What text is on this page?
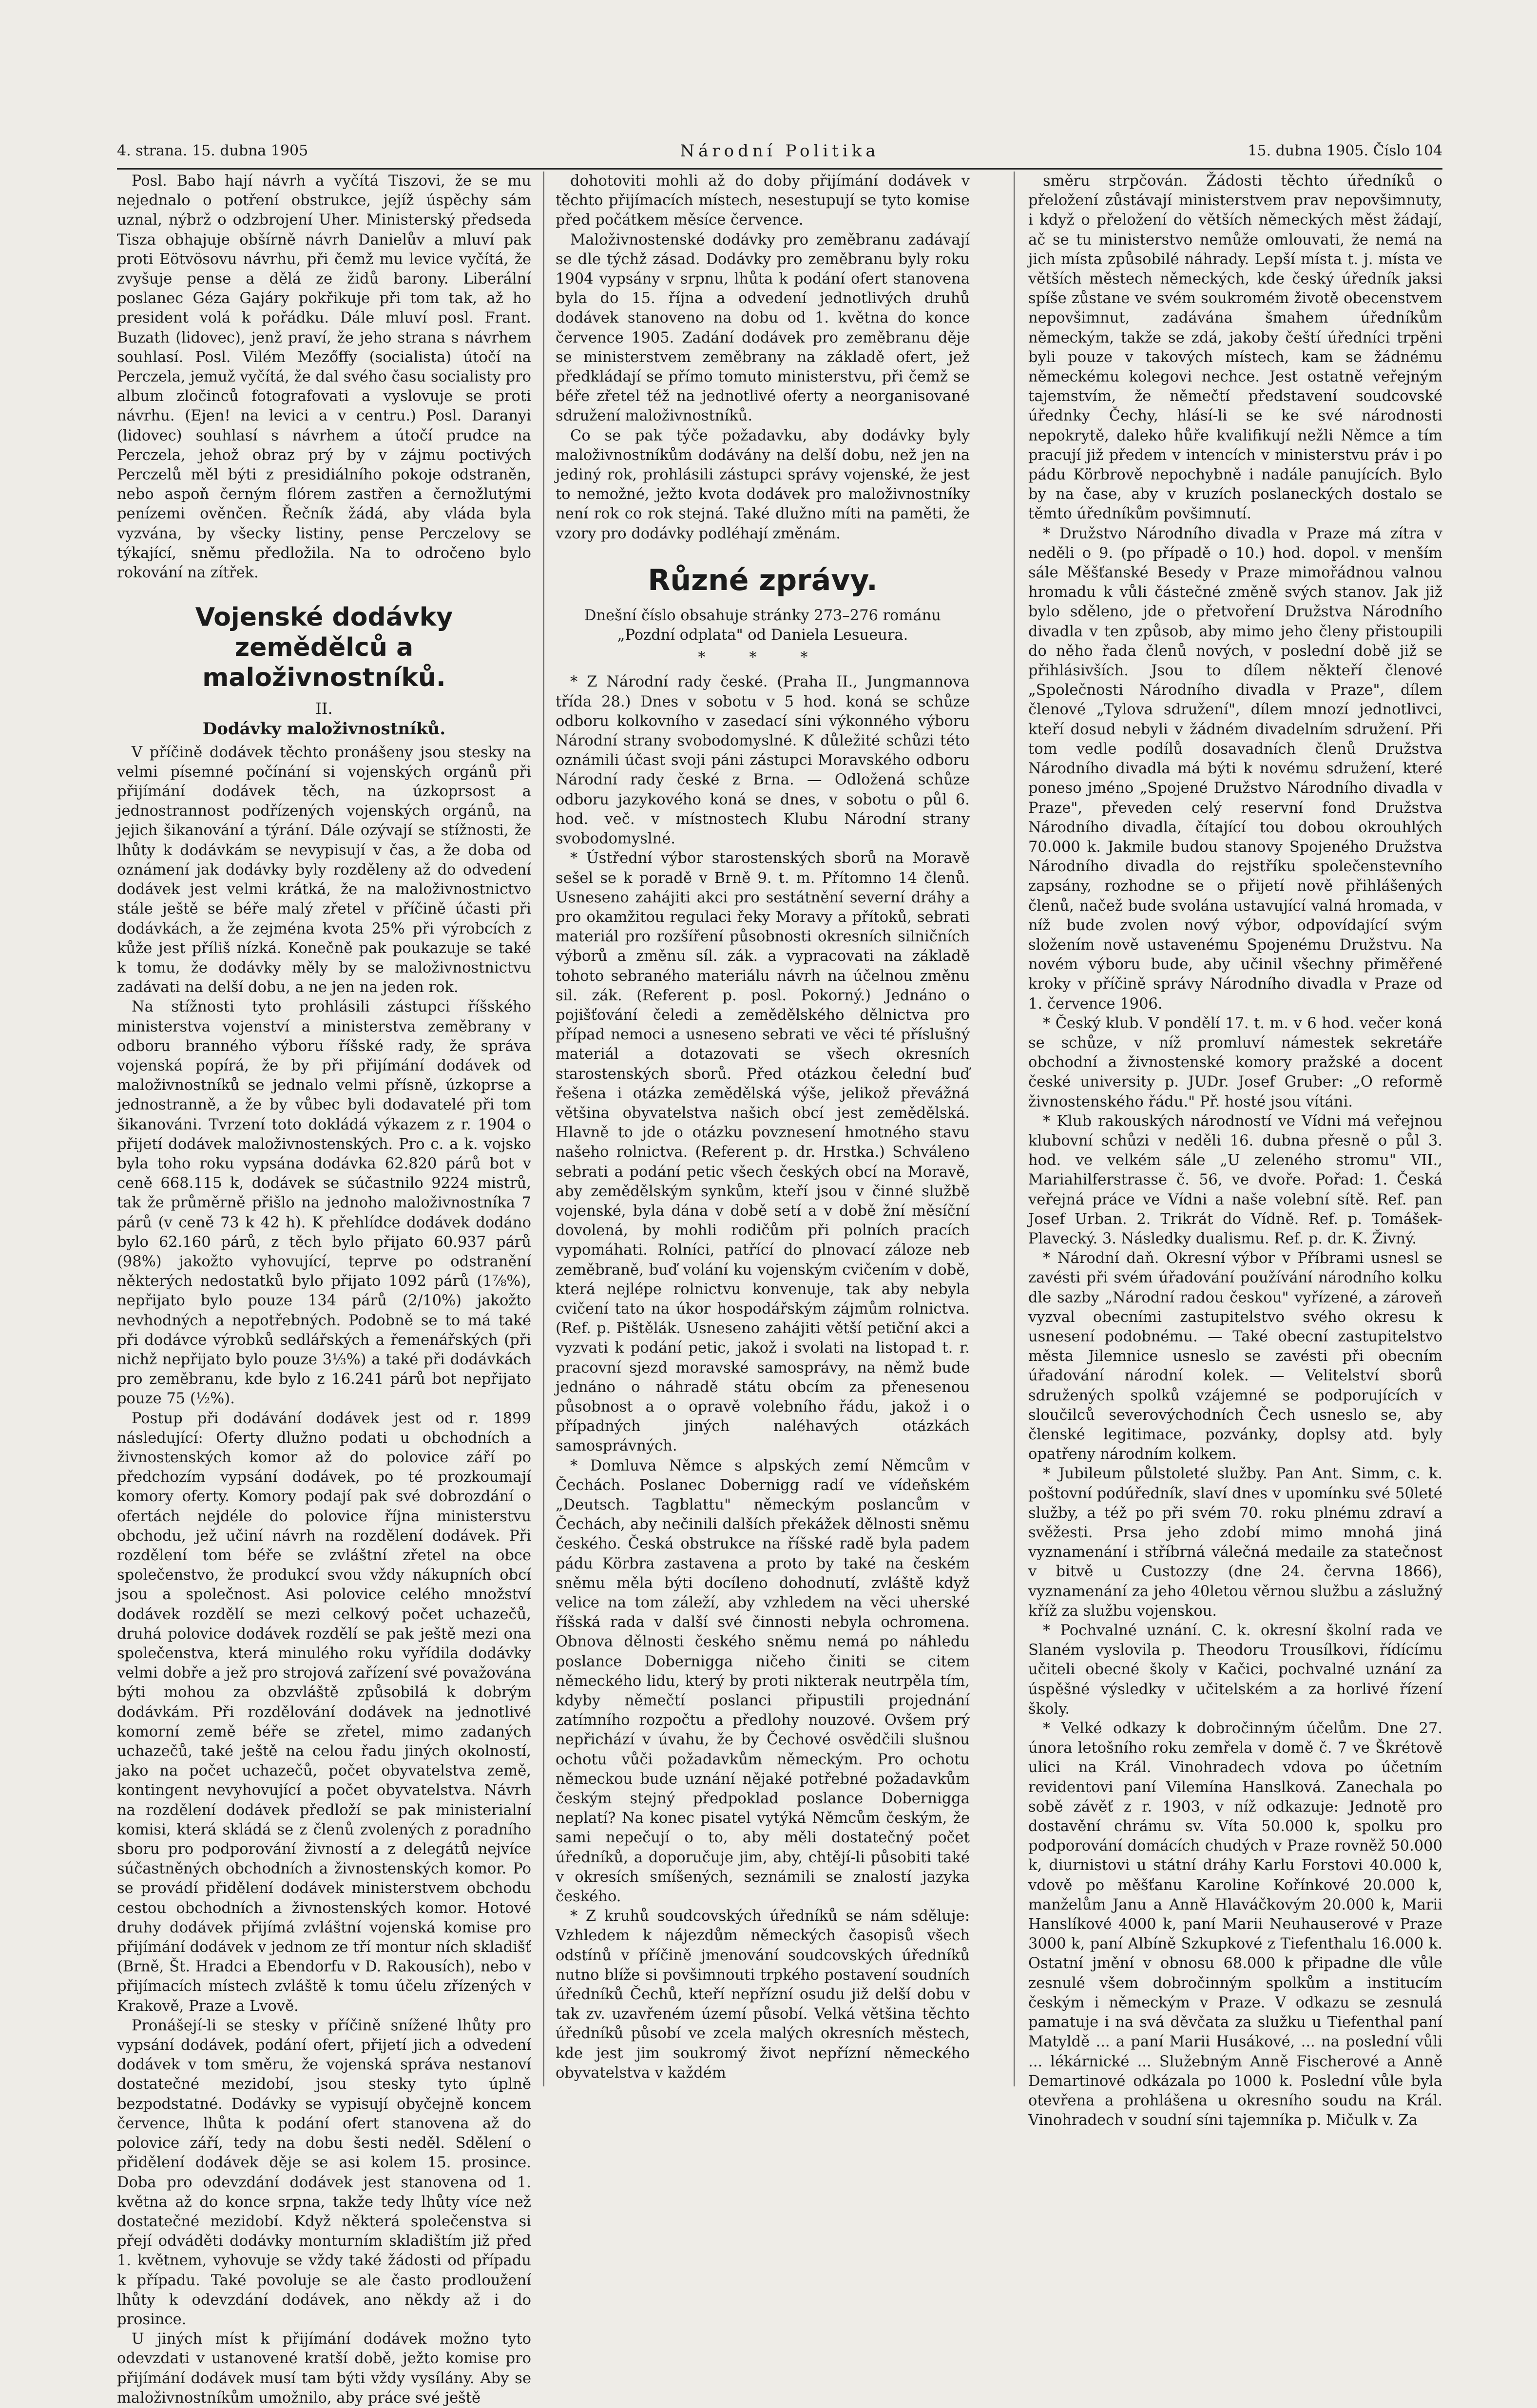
4. strana. 15. dubna 1905	Národní Politika	15. dubna 1905. Číslo 104

Posl. Babo hají návrh a vyčítá Tiszovi, že se mu nejednalo o potření obstrukce, jejíž úspěchy sám uznal, nýbrž o odzbrojení Uher. Ministerský předseda Tisza obhajuje obšírně návrh Danielův a mluví pak proti Eötvösovu návrhu, při čemž mu levice vyčítá, že zvyšuje pense a dělá ze židů barony. Liberální poslanec Géza Gajáry pokřikuje při tom tak, až ho president volá k pořádku. Dále mluví posl. Frant. Buzath (lidovec), jenž praví, že jeho strana s návrhem souhlasí. Posl. Vilém Mezőffy (socialista) útočí na Perczela, jemuž vyčítá, že dal svého času socialisty pro album zločinců fotografovati a vyslovuje se proti návrhu. (Ejen! na levici a v centru.) Posl. Daranyi (lidovec) souhlasí s návrhem a útočí prudce na Perczela, jehož obraz prý by v zájmu poctivých Perczelů měl býti z presidiálního pokoje odstraněn, nebo aspoň černým flórem zastřen a černožlutými penízemi ověnčen. Řečník žádá, aby vláda byla vyzvána, by všecky listiny, pense Perczelovy se týkající, sněmu předložila. Na to odročeno bylo rokování na zítřek.

Vojenské dodávky zemědělců a maloživnostníků.
II.
Dodávky maloživnostníků.

V příčině dodávek těchto pronášeny jsou stesky na velmi písemné počínání si vojenských orgánů při přijímání dodávek těch, na úzkoprsost a jednostrannost podřízených vojenských orgánů, na jejich šikanování a týrání. Dále ozývají se stížnosti, že lhůty k dodávkám se nevypisují v čas, a že doba od oznámení jak dodávky byly rozděleny až do odvedení dodávek jest velmi krátká, že na maloživnostnictvo stále ještě se béře malý zřetel v příčině účasti při dodávkách, a že zejména kvota 25% při výrobcích z kůže jest příliš nízká. Konečně pak poukazuje se také k tomu, že dodávky měly by se maloživnostnictvu zadávati na delší dobu, a ne jen na jeden rok.

Na stížnosti tyto prohlásili zástupci říšského ministerstva vojenství a ministerstva zeměbrany v odboru branného výboru říšské rady, že správa vojenská popírá, že by při přijímání dodávek od maloživnostníků se jednalo velmi přísně, úzkoprse a jednostranně, a že by vůbec byli dodavatelé při tom šikanováni. Tvrzení toto dokládá výkazem z r. 1904 o přijetí dodávek maloživnostenských. Pro c. a k. vojsko byla toho roku vypsána dodávka 62.820 párů bot v ceně 668.115 k, dodávek se súčastnilo 9224 mistrů, tak že průměrně přišlo na jednoho maloživnostníka 7 párů (v ceně 73 k 42 h). K přehlídce dodávek dodáno bylo 62.160 párů, z těch bylo přijato 60.937 párů (98%) jakožto vyhovující, teprve po odstranění některých nedostatků bylo přijato 1092 párů (1⅞%), nepřijato bylo pouze 134 párů (2/10%) jakožto nevhodných a nepotřebných. Podobně se to má také při dodávce výrobků sedlářských a řemenářských (při nichž nepřijato bylo pouze 3⅓%) a také při dodávkách pro zeměbranu, kde bylo z 16.241 párů bot nepřijato pouze 75 (½%).

Postup při dodávání dodávek jest od r. 1899 následující: Oferty dlužno podati u obchodních a živnostenských komor až do polovice září po předchozím vypsání dodávek, po té prozkoumají komory oferty. Komory podají pak své dobrozdání o ofertách nejdéle do polovice října ministerstvu obchodu, jež učiní návrh na rozdělení dodávek. Při rozdělení tom béře se zvláštní zřetel na obce společenstvo, že produkcí svou vždy nákupních obcí jsou a společnost. Asi polovice celého množství dodávek rozdělí se mezi celkový počet uchazečů, druhá polovice dodávek rozdělí se pak ještě mezi ona společenstva, která minulého roku vyřídila dodávky velmi dobře a jež pro strojová zařízení své považována býti mohou za obzvláště způsobilá k dobrým dodávkám. Při rozdělování dodávek na jednotlivé komorní země béře se zřetel, mimo zadaných uchazečů, také ještě na celou řadu jiných okolností, jako na počet uchazečů, počet obyvatelstva země, kontingent nevyhovující a počet obyvatelstva. Návrh na rozdělení dodávek předloží se pak ministerialní komisi, která skládá se z členů zvolených z poradního sboru pro podporování živností a z delegátů nejvíce súčastněných obchodních a živnostenských komor. Po se provádí přidělení dodávek ministerstvem obchodu cestou obchodních a živnostenských komor. Hotové druhy dodávek přijímá zvláštní vojenská komise pro přijímání dodávek v jednom ze tří montur ních skladišť (Brně, Št. Hradci a Ebendorfu v D. Rakousích), nebo v přijímacích místech zvláště k tomu účelu zřízených v Krakově, Praze a Lvově.

Pronášejí-li se stesky v příčině snížené lhůty pro vypsání dodávek, podání ofert, přijetí jich a odvedení dodávek v tom směru, že vojenská správa nestanoví dostatečné mezidobí, jsou stesky tyto úplně bezpodstatné. Dodávky se vypisují obyčejně koncem července, lhůta k podání ofert stanovena až do polovice září, tedy na dobu šesti neděl. Sdělení o přidělení dodávek děje se asi kolem 15. prosince. Doba pro odevzdání dodávek jest stanovena od 1. května až do konce srpna, takže tedy lhůty více než dostatečné mezidobí. Když některá společenstva si přejí odváděti dodávky monturním skladištím již před 1. květnem, vyhovuje se vždy také žádosti od případu k případu. Také povoluje se ale často prodloužení lhůty k odevzdání dodávek, ano někdy až i do prosince.

U jiných míst k přijímání dodávek možno tyto odevzdati v ustanovené kratší době, ježto komise pro přijímání dodávek musí tam býti vždy vysílány. Aby se maloživnostníkům umožnilo, aby práce své ještě

dohotoviti mohli až do doby přijímání dodávek v těchto přijímacích místech, nesestupují se tyto komise před počátkem měsíce července.

Maloživnostenské dodávky pro zeměbranu zadávají se dle týchž zásad. Dodávky pro zeměbranu byly roku 1904 vypsány v srpnu, lhůta k podání ofert stanovena byla do 15. října a odvedení jednotlivých druhů dodávek stanoveno na dobu od 1. května do konce července 1905. Zadání dodávek pro zeměbranu děje se ministerstvem zeměbrany na základě ofert, jež předkládají se přímo tomuto ministerstvu, při čemž se béře zřetel též na jednotlivé oferty a neorganisované sdružení maloživnostníků.

Co se pak týče požadavku, aby dodávky byly maloživnostníkům dodávány na delší dobu, než jen na jediný rok, prohlásili zástupci správy vojenské, že jest to nemožné, ježto kvota dodávek pro maloživnostníky není rok co rok stejná. Také dlužno míti na paměti, že vzory pro dodávky podléhají změnám.

Různé zprávy.
Dnešní číslo obsahuje stránky 273–276 románu „Pozdní odplata" od Daniela Lesueura.
* * *

* Z Národní rady české. (Praha II., Jungmannova třída 28.) Dnes v sobotu v 5 hod. koná se schůze odboru kolkovního v zasedací síni výkonného výboru Národní strany svobodomyslné. K důležité schůzi této oznámili účast svoji páni zástupci Moravského odboru Národní rady české z Brna. — Odložená schůze odboru jazykového koná se dnes, v sobotu o půl 6. hod. več. v místnostech Klubu Národní strany svobodomyslné.

* Ústřední výbor starostenských sborů na Moravě sešel se k poradě v Brně 9. t. m. Přítomno 14 členů. Usneseno zahájiti akci pro sestátnění severní dráhy a pro okamžitou regulaci řeky Moravy a přítoků, sebrati materiál pro rozšíření působnosti okresních silničních výborů a změnu síl. zák. a vypracovati na základě tohoto sebraného materiálu návrh na účelnou změnu sil. zák. (Referent p. posl. Pokorný.) Jednáno o pojišťování čeledi a zemědělského dělnictva pro případ nemoci a usneseno sebrati ve věci té příslušný materiál a dotazovati se všech okresních starostenských sborů. Před otázkou čelední buď řešena i otázka zemědělská výše, jelikož převážná většina obyvatelstva našich obcí jest zemědělská. Hlavně to jde o otázku povznesení hmotného stavu našeho rolnictva. (Referent p. dr. Hrstka.) Schváleno sebrati a podání petic všech českých obcí na Moravě, aby zemědělským synkům, kteří jsou v činné službě vojenské, byla dána v době setí a v době žní měsíční dovolená, by mohli rodičům při polních pracích vypomáhati. Rolníci, patřící do plnovací záloze neb zeměbraně, buď volání ku vojenským cvičením v době, která nejlépe rolnictvu konvenuje, tak aby nebyla cvičení tato na úkor hospodářským zájmům rolnictva. (Ref. p. Pištělák. Usneseno zahájiti větší petiční akci a vyzvati k podání petic, jakož i svolati na listopad t. r. pracovní sjezd moravské samosprávy, na němž bude jednáno o náhradě státu obcím za přenesenou působnost a o opravě volebního řádu, jakož i o případných jiných naléhavých otázkách samosprávných.

* Domluva Němce s alpských zemí Němcům v Čechách. Poslanec Dobernigg radí ve vídeňském „Deutsch. Tagblattu" německým poslancům v Čechách, aby nečinili dalších překážek dělnosti sněmu českého. Česká obstrukce na říšské radě byla padem pádu Körbra zastavena a proto by také na českém sněmu měla býti docíleno dohodnutí, zvláště když velice na tom záleží, aby vzhledem na věci uherské říšská rada v další své činnosti nebyla ochromena. Obnova dělnosti českého sněmu nemá po náhledu poslance Dobernigga ničeho činiti se citem německého lidu, který by proti nikterak neutrpěla tím, kdyby němečtí poslanci připustili projednání zatímního rozpočtu a předlohy nouzové. Ovšem prý nepřichází v úvahu, že by Čechové osvědčili slušnou ochotu vůči požadavkům německým. Pro ochotu německou bude uznání nějaké potřebné požadavkům českým stejný předpoklad poslance Dobernigga neplatí? Na konec pisatel vytýká Němcům českým, že sami nepečují o to, aby měli dostatečný počet úředníků, a doporučuje jim, aby, chtějí-li působiti také v okresích smíšených, seznámili se znalostí jazyka českého.

* Z kruhů soudcovských úředníků se nám sděluje: Vzhledem k nájezdům německých časopisů všech odstínů v příčině jmenování soudcovských úředníků nutno blíže si povšimnouti trpkého postavení soudních úředníků Čechů, kteří nepřízní osudu již delší dobu v tak zv. uzavřeném území působí. Velká většina těchto úředníků působí ve zcela malých okresních městech, kde jest jim soukromý život nepřízní německého obyvatelstva v každém

směru strpčován. Žádosti těchto úředníků o přeložení zůstávají ministerstvem prav nepovšimnuty, i když o přeložení do větších německých měst žádají, ač se tu ministerstvo nemůže omlouvati, že nemá na jich místa způsobilé náhrady. Lepší místa t. j. místa ve větších městech německých, kde český úředník jaksi spíše zůstane ve svém soukromém životě obecenstvem nepovšimnut, zadávána šmahem úředníkům německým, takže se zdá, jakoby čeští úředníci trpěni byli pouze v takových místech, kam se žádnému německému kolegovi nechce. Jest ostatně veřejným tajemstvím, že němečtí představení soudcovské úřednky Čechy, hlásí-li se ke své národnosti nepokrytě, daleko hůře kvalifikují nežli Němce a tím pracují již předem v intencích v ministerstvu práv i po pádu Körbrově nepochybně i nadále panujících. Bylo by na čase, aby v kruzích poslaneckých dostalo se těmto úředníkům povšimnutí.

* Družstvo Národního divadla v Praze má zítra v neděli o 9. (po případě o 10.) hod. dopol. v menším sále Měšťanské Besedy v Praze mimořádnou valnou hromadu k vůli částečné změně svých stanov. Jak již bylo sděleno, jde o přetvoření Družstva Národního divadla v ten způsob, aby mimo jeho členy přistoupili do něho řada členů nových, v poslední době již se přihlásivších. Jsou to dílem někteří členové „Společnosti Národního divadla v Praze", dílem členové „Tylova sdružení", dílem mnozí jednotlivci, kteří dosud nebyli v žádném divadelním sdružení. Při tom vedle podílů dosavadních členů Družstva Národního divadla má býti k novému sdružení, které poneso jméno „Spojené Družstvo Národního divadla v Praze", převeden celý reservní fond Družstva Národního divadla, čítající tou dobou okrouhlých 70.000 k. Jakmile budou stanovy Spojeného Družstva Národního divadla do rejstříku společenstevního zapsány, rozhodne se o přijetí nově přihlášených členů, načež bude svolána ustavující valná hromada, v níž bude zvolen nový výbor, odpovídající svým složením nově ustavenému Spojenému Družstvu. Na novém výboru bude, aby učinil všechny přiměřené kroky v příčině správy Národního divadla v Praze od 1. července 1906.

* Český klub. V pondělí 17. t. m. v 6 hod. večer koná se schůze, v níž promluví námestek sekretáře obchodní a živnostenské komory pražské a docent české university p. JUDr. Josef Gruber: „O reformě živnostenského řádu." Př. hosté jsou vítáni.

* Klub rakouských národností ve Vídni má veřejnou klubovní schůzi v neděli 16. dubna přesně o půl 3. hod. ve velkém sále „U zeleného stromu" VII., Mariahilferstrasse č. 56, ve dvoře. Pořad: 1. Česká veřejná práce ve Vídni a naše volební sítě. Ref. pan Josef Urban. 2. Trikrát do Vídně. Ref. p. Tomášek-Plavecký. 3. Následky dualismu. Ref. p. dr. K. Živný.

* Národní daň. Okresní výbor v Příbrami usnesl se zavésti při svém úřadování používání národního kolku dle sazby „Národní radou českou" vyřízené, a zároveň vyzval obecními zastupitelstvo svého okresu k usnesení podobnému. — Také obecní zastupitelstvo města Jilemnice usneslo se zavésti při obecním úřadování národní kolek. — Velitelství sborů sdružených spolků vzájemné se podporujících v sloučilců severovýchodních Čech usneslo se, aby členské legitimace, pozvánky, doplsy atd. byly opatřeny národním kolkem.

* Jubileum půlstoleté služby. Pan Ant. Simm, c. k. poštovní podúředník, slaví dnes v upomínku své 50leté služby, a též po při svém 70. roku plnému zdraví a svěžesti. Prsa jeho zdobí mimo mnohá jiná vyznamenání i stříbrná válečná medaile za statečnost v bitvě u Custozzy (dne 24. června 1866), vyznamenání za jeho 40letou věrnou službu a záslužný kříž za službu vojenskou.

* Pochvalné uznání. C. k. okresní školní rada ve Slaném vyslovila p. Theodoru Trousílkovi, řídícímu učiteli obecné školy v Kačici, pochvalné uznání za úspěšné výsledky v učitelském a za horlivé řízení školy.

* Velké odkazy k dobročinným účelům. Dne 27. února letošního roku zemřela v domě č. 7 ve Škrétově ulici na Král. Vinohradech vdova po účetním revidentovi paní Vilemína Hanslková. Zanechala po sobě závěť z r. 1903, v níž odkazuje: Jednotě pro dostavění chrámu sv. Víta 50.000 k, spolku pro podporování domácích chudých v Praze rovněž 50.000 k, diurnistovi u státní dráhy Karlu Forstovi 40.000 k, vdově po měšťanu Karoline Kořínkové 20.000 k, manželům Janu a Anně Hlaváčkovým 20.000 k, Marii Hanslíkové 4000 k, paní Marii Neuhauserové v Praze 3000 k, paní Albíně Szkupkové z Tiefenthalu 16.000 k. Ostatní jmění v obnosu 68.000 k připadne dle vůle zesnulé všem dobročinným spolkům a institucím českým i německým v Praze. V odkazu se zesnulá pamatuje i na svá děvčata za služku u Tiefenthal paní Matyldě ... a paní Marii Husákové, ... na poslední vůli ... lékárnické ... Služebným Anně Fischerové a Anně Demartinové odkázala po 1000 k. Poslední vůle byla otevřena a prohlášena u okresního soudu na Král. Vinohradech v soudní síni tajemníka p. Mičulk v. Za
